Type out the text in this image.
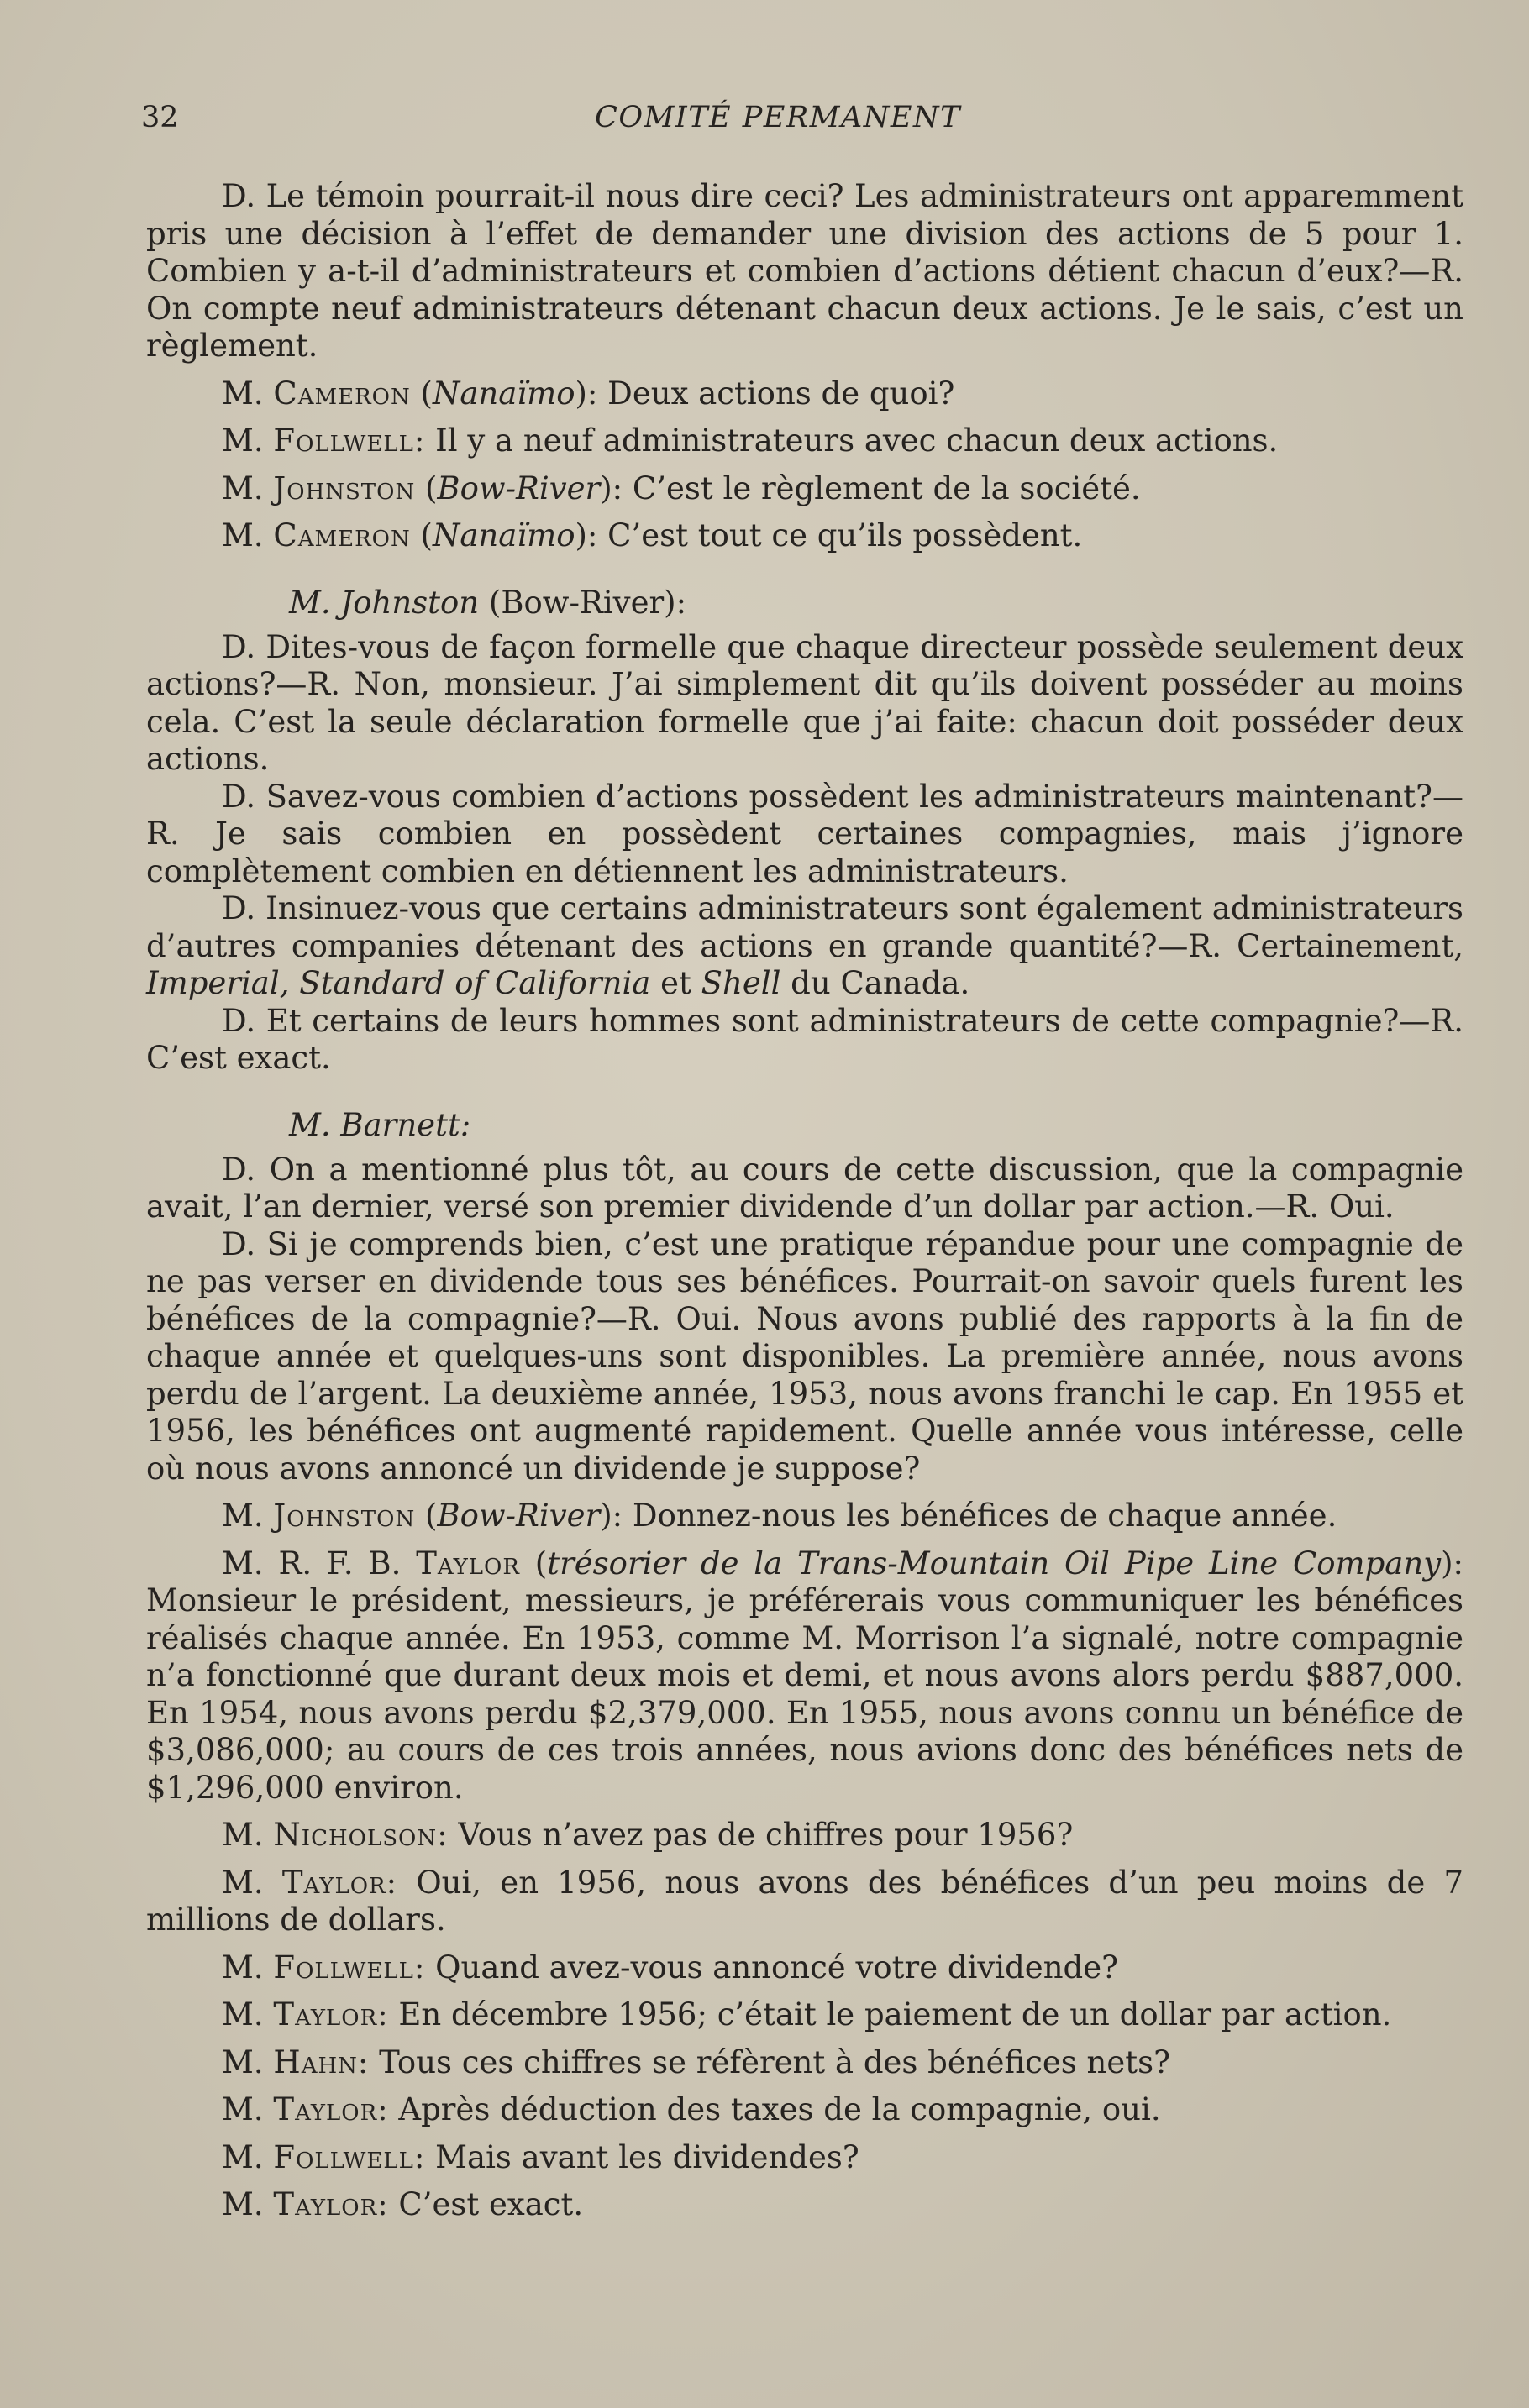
32	COMITÉ PERMANENT

D. Le témoin pourrait-il nous dire ceci? Les administrateurs ont apparemment pris une décision à l’effet de demander une division des actions de 5 pour 1. Combien y a-t-il d’administrateurs et combien d’actions détient chacun d’eux?—R. On compte neuf administrateurs détenant chacun deux actions. Je le sais, c’est un règlement.

M. Cameron (Nanaïmo): Deux actions de quoi?

M. Follwell: Il y a neuf administrateurs avec chacun deux actions.

M. Johnston (Bow-River): C’est le règlement de la société.

M. Cameron (Nanaïmo): C’est tout ce qu’ils possèdent.

M. Johnston (Bow-River):

D. Dites-vous de façon formelle que chaque directeur possède seulement deux actions?—R. Non, monsieur. J’ai simplement dit qu’ils doivent posséder au moins cela. C’est la seule déclaration formelle que j’ai faite: chacun doit posséder deux actions.

D. Savez-vous combien d’actions possèdent les administrateurs maintenant?—R. Je sais combien en possèdent certaines compagnies, mais j’ignore complètement combien en détiennent les administrateurs.

D. Insinuez-vous que certains administrateurs sont également administrateurs d’autres companies détenant des actions en grande quantité?—R. Certainement, Imperial, Standard of California et Shell du Canada.

D. Et certains de leurs hommes sont administrateurs de cette compagnie?—R. C’est exact.

M. Barnett:

D. On a mentionné plus tôt, au cours de cette discussion, que la compagnie avait, l’an dernier, versé son premier dividende d’un dollar par action.—R. Oui.

D. Si je comprends bien, c’est une pratique répandue pour une compagnie de ne pas verser en dividende tous ses bénéfices. Pourrait-on savoir quels furent les bénéfices de la compagnie?—R. Oui. Nous avons publié des rapports à la fin de chaque année et quelques-uns sont disponibles. La première année, nous avons perdu de l’argent. La deuxième année, 1953, nous avons franchi le cap. En 1955 et 1956, les bénéfices ont augmenté rapidement. Quelle année vous intéresse, celle où nous avons annoncé un dividende je suppose?

M. Johnston (Bow-River): Donnez-nous les bénéfices de chaque année.

M. R. F. B. Taylor (trésorier de la Trans-Mountain Oil Pipe Line Company): Monsieur le président, messieurs, je préférerais vous communiquer les bénéfices réalisés chaque année. En 1953, comme M. Morrison l’a signalé, notre compagnie n’a fonctionné que durant deux mois et demi, et nous avons alors perdu $887,000. En 1954, nous avons perdu $2,379,000. En 1955, nous avons connu un bénéfice de $3,086,000; au cours de ces trois années, nous avions donc des bénéfices nets de $1,296,000 environ.

M. Nicholson: Vous n’avez pas de chiffres pour 1956?

M. Taylor: Oui, en 1956, nous avons des bénéfices d’un peu moins de 7 millions de dollars.

M. Follwell: Quand avez-vous annoncé votre dividende?

M. Taylor: En décembre 1956; c’était le paiement de un dollar par action.

M. Hahn: Tous ces chiffres se réfèrent à des bénéfices nets?

M. Taylor: Après déduction des taxes de la compagnie, oui.

M. Follwell: Mais avant les dividendes?

M. Taylor: C’est exact.
